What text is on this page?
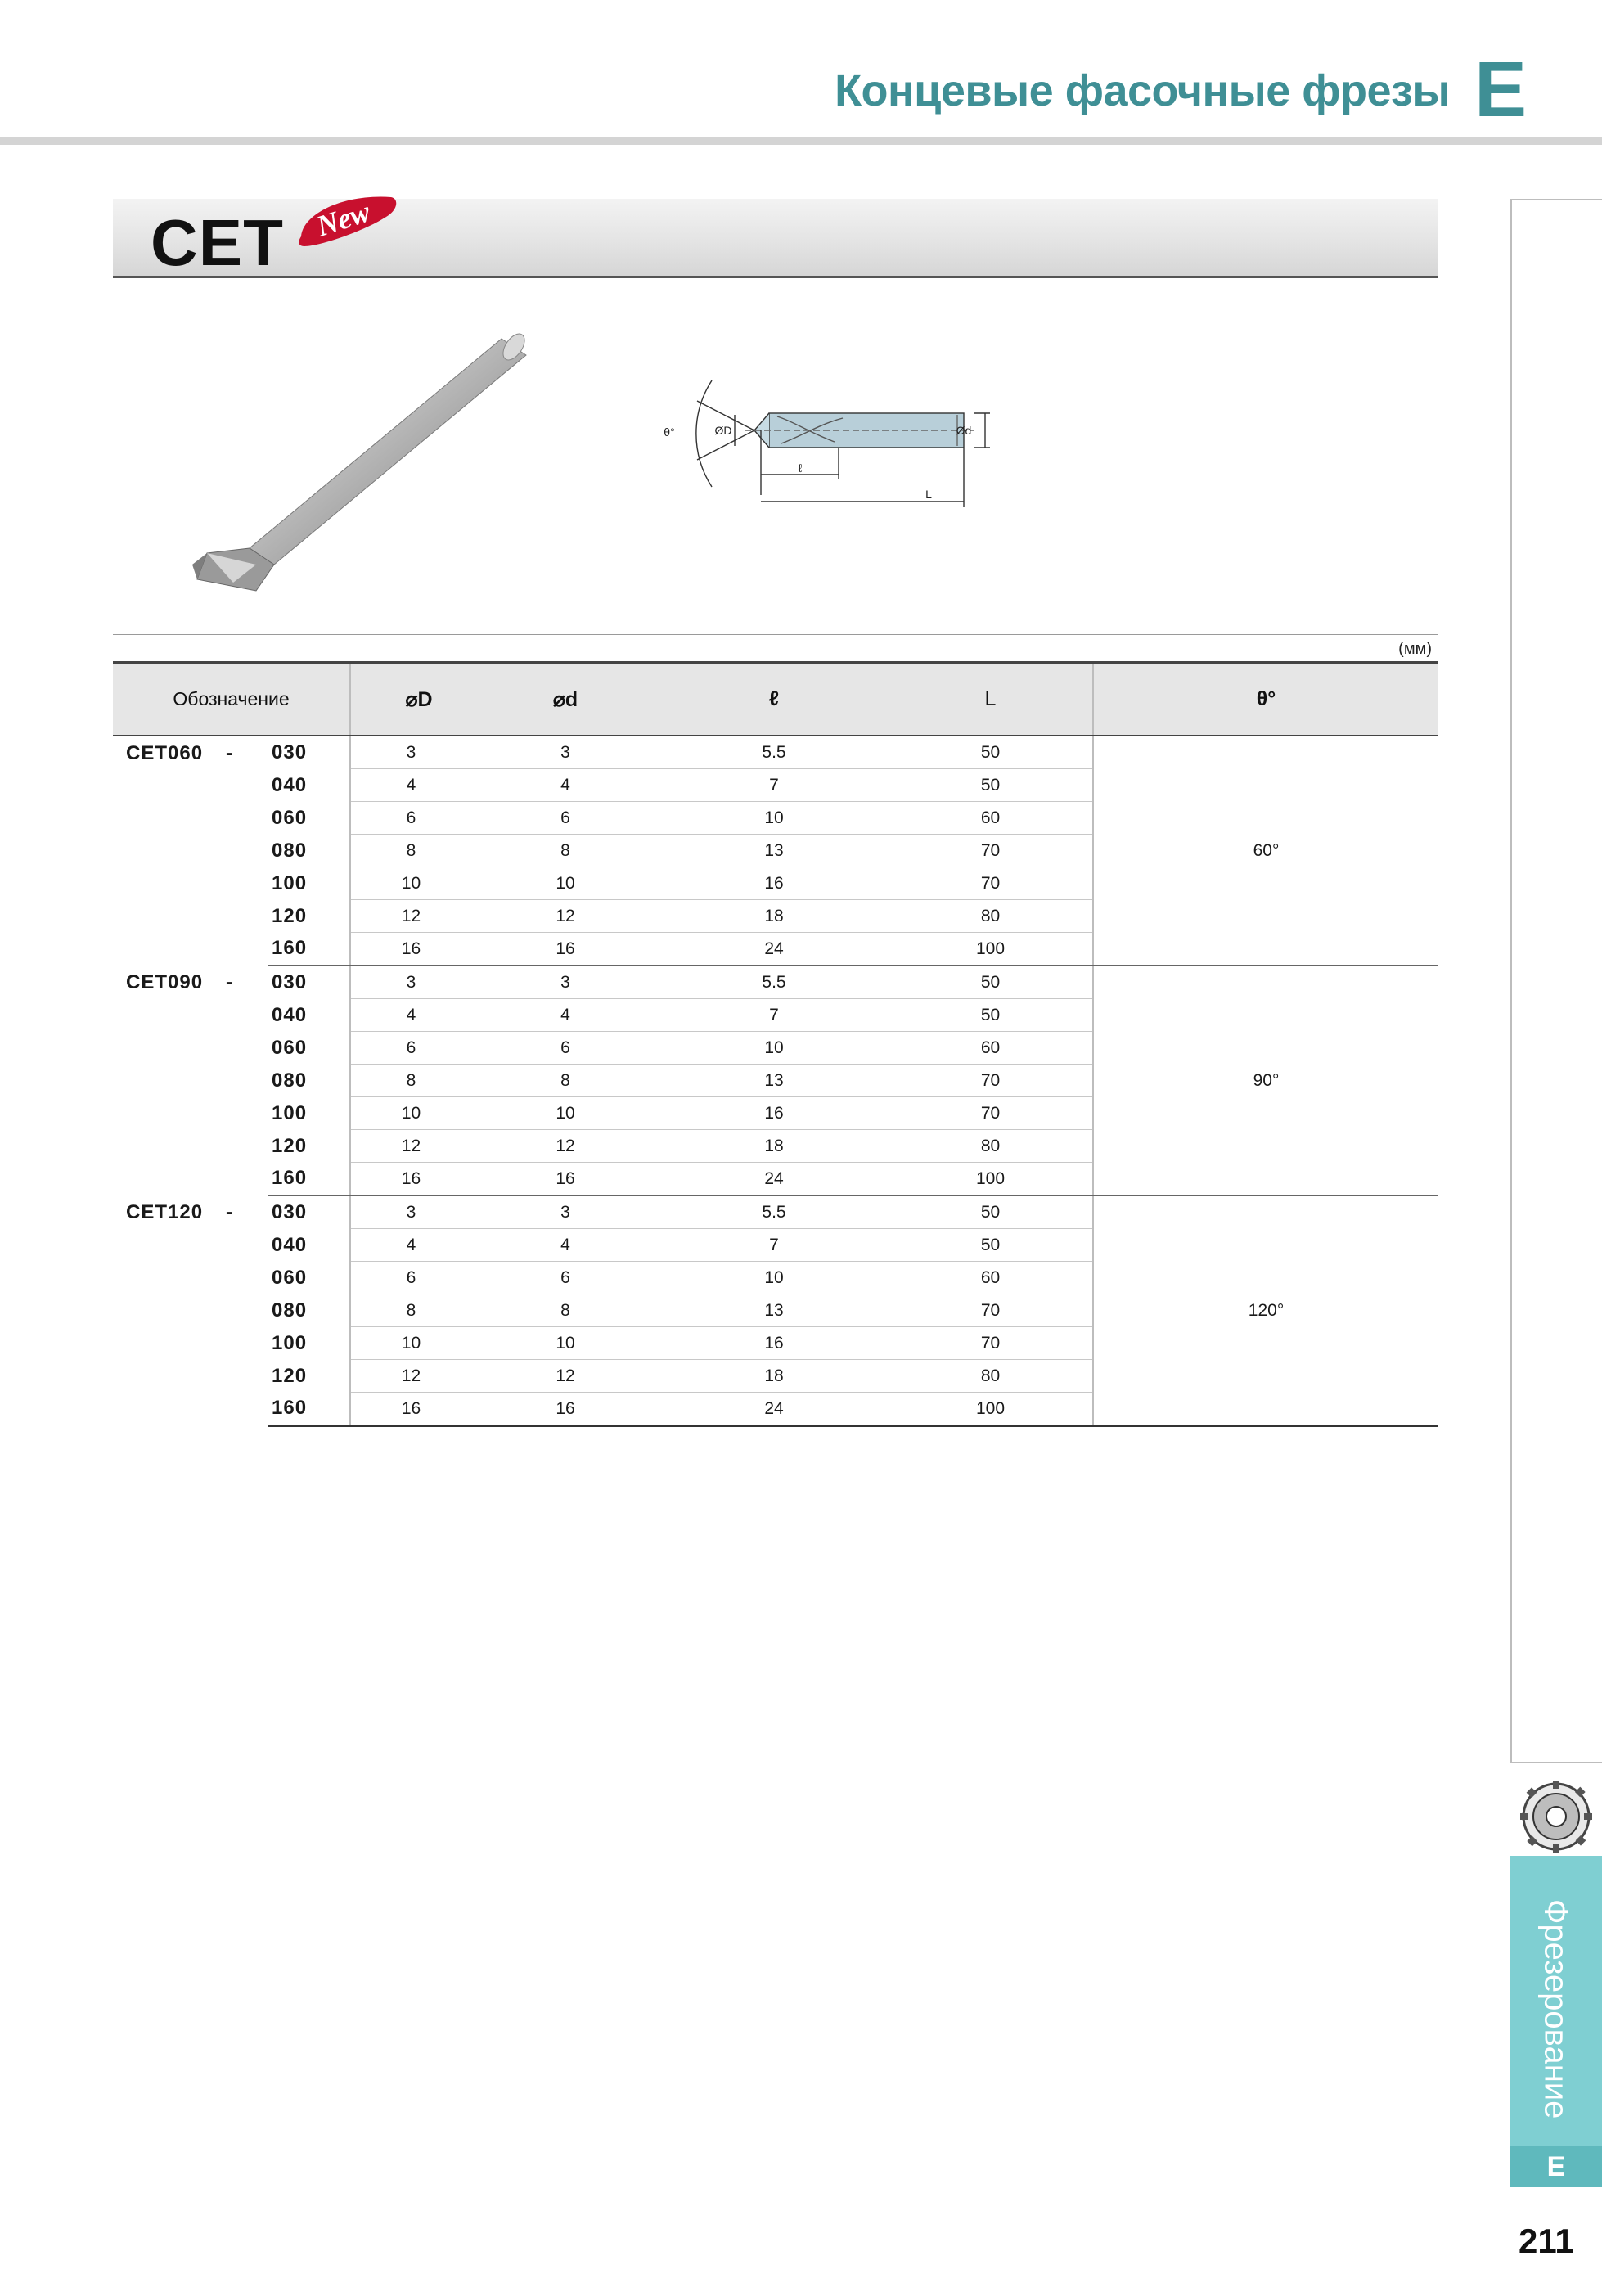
Концевые фасочные фрезы E
CET New
θ°	ØD	Ød
ℓ
L
(мм)
Обозначение		⌀D	⌀d	ℓ	L	θ°
CET060 -	030	3	3	5.5	50	60°
	040	4	4	7	50	
	060	6	6	10	60	
	080	8	8	13	70	
	100	10	10	16	70	
	120	12	12	18	80	
	160	16	16	24	100	
CET090 -	030	3	3	5.5	50	90°
	040	4	4	7	50	
	060	6	6	10	60	
	080	8	8	13	70	
	100	10	10	16	70	
	120	12	12	18	80	
	160	16	16	24	100	
CET120 -	030	3	3	5.5	50	120°
	040	4	4	7	50	
	060	6	6	10	60	
	080	8	8	13	70	
	100	10	10	16	70	
	120	12	12	18	80	
	160	16	16	24	100	
Фрезерование
E
211
